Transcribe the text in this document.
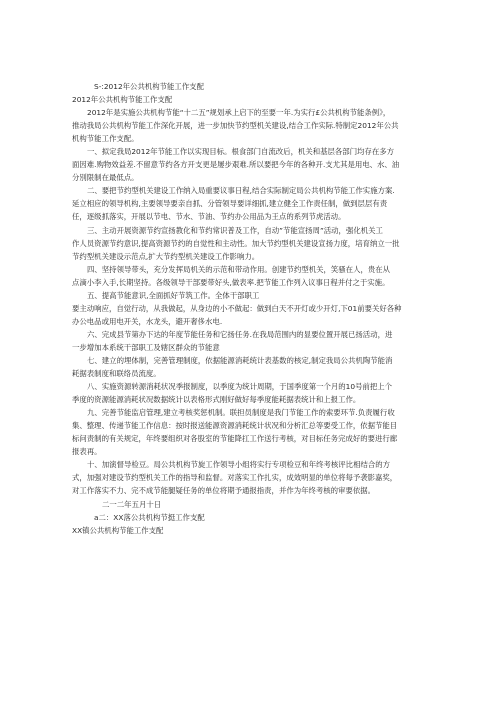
S-:2012年公共机构节能工作支配
2012年公共机构节能工作支配
2012年是实施公共机构节能“十二五”规划承上启下的至要一年.为实行£公共机构节能条例》，
推动我局公共机构节能工作深化开展，进一步加快节约型机关建设,结合工作实际.特制定2012年公共
机构节能工作支配。
一、拟定我局2012年节能工作以实现目标。根食部门自流改后，机关和基层各部门均存在多方
面因难.购物效益差.不留意节约各方开支更是屡步艰难.所以要把今年的各种开.支尤其是用电、水、油
分別限制在最低点。
二、要把节约型机关建设工作纳入局重要议事日程,结合实际制定局公共机构节能工作实施方案.
延立相应的领导机构,主要领导要亲自抓、分管领导要详细抓,建立健全工作责任制，做到层层有责
任，逐级抓落实，开展以节电、节水、节油、节约办公用品为王点的系列节虎活动。
三、主动开展资源节约宣扬教化和节约常识普及工作，自动”节能宣扬周”活动，强化机关工
作人员资源节约意识,提高资源节约的自觉性和主动性。加大节约型机关建设宣扬力度，培育纳立一批
节约型机关建设示范点,扩大节约型机关建设工作影响力。
四、坚持领导带头，充分发挥局机关的示范和带动作用。创建节约型机关，笑骚在人，贵在从
点滴小李入手,长期坚持。各级领导干部要带好头,做表率.把节能工作列入议事日程并付之于实施。
五、提高节能意识,全面抓好节筑工作。全体干部职工
要主动响应，自觉行动，从我做起，从身边的小不做起：做到白天不开灯或少开灯,下01前要关好各种
办公电品或用电开关，水龙头，避开奢侈水电.
六、完成县节第办下达的年度节能任务和它扬任务.在我局范围内的显要位置开展已扬活动，进
一步增加本系统干部职工及辖区群众的节能意
七、建立的埋体制，完善管理制度，依据能源消耗统计表基数的核定,制定我局公共机陶节能消
耗据表制度和联络员流度。
八、实施资源转源消耗状况季报制度，以季度为统计周期，于国季度第一个月的10号前把上个
季度的资源能源消耗状况数据统计以表格形式刚好做好每季度能耗据表统计和上报工作。
九、完善节能监启管理,建立考核奖惩机制。联担员制度是我门节能工作的索要环节.负责履行收
集、整理、传递节能工作信息：按时报送能源资源消耗统计状况和分析汇总等要受工作，依据节能目
标问责制的有关规定，年终要组织对各股室的节能降扛工作送行考核，对目标任务完成好的要进行廊
报表再。
十、加演督导检豆。局公共机构节旋工作领导小组将实行专项检豆和年终考核评比相结合的方
式，加强对建设节约型机关工作的指导和监督。对落实工作扎实，成效明显的单位将每予袭影嘉奖，
对工作落实不力、完不成节能腿疑任务的单位将期予通报指责，并作为年终考核的审要依据。
二一二年五月十日
a二：XX落公共机构节挺工作支配
XX镇公共机构节能工作支配
